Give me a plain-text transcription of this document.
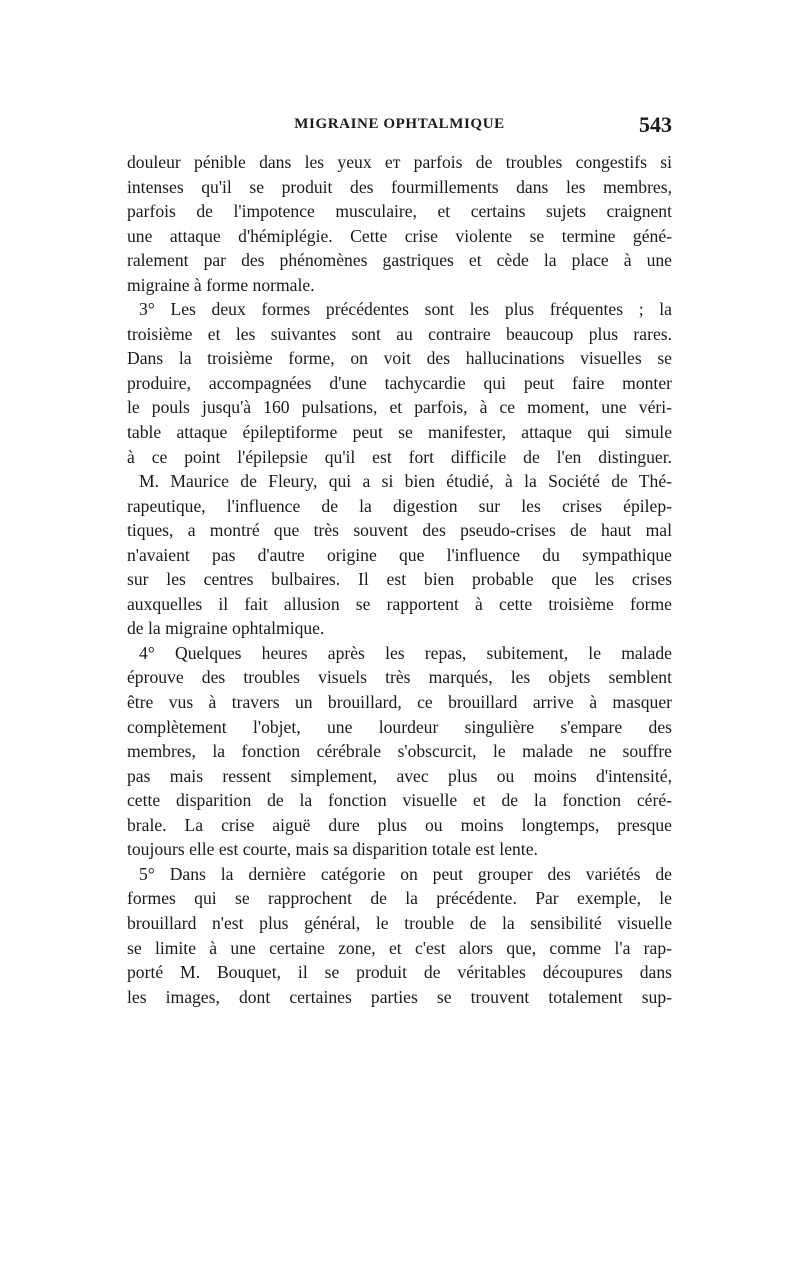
MIGRAINE OPHTALMIQUE	543
douleur pénible dans les yeux eᴛ parfois de troubles congestifs si
intenses qu'il se produit des fourmillements dans les membres,
parfois de l'impotence musculaire, et certains sujets craignent
une attaque d'hémiplégie. Cette crise violente se termine géné-
ralement par des phénomènes gastriques et cède la place à une
migraine à forme normale.
3° Les deux formes précédentes sont les plus fréquentes ; la
troisième et les suivantes sont au contraire beaucoup plus rares.
Dans la troisième forme, on voit des hallucinations visuelles se
produire, accompagnées d'une tachycardie qui peut faire monter
le pouls jusqu'à 160 pulsations, et parfois, à ce moment, une véri-
table attaque épileptiforme peut se manifester, attaque qui simule
à ce point l'épilepsie qu'il est fort difficile de l'en distinguer.
M. Maurice de Fleury, qui a si bien étudié, à la Société de Thé-
rapeutique, l'influence de la digestion sur les crises épilep-
tiques, a montré que très souvent des pseudo-crises de haut mal
n'avaient pas d'autre origine que l'influence du sympathique
sur les centres bulbaires. Il est bien probable que les crises
auxquelles il fait allusion se rapportent à cette troisième forme
de la migraine ophtalmique.
4° Quelques heures après les repas, subitement, le malade
éprouve des troubles visuels très marqués, les objets semblent
être vus à travers un brouillard, ce brouillard arrive à masquer
complètement l'objet, une lourdeur singulière s'empare des
membres, la fonction cérébrale s'obscurcit, le malade ne souffre
pas mais ressent simplement, avec plus ou moins d'intensité,
cette disparition de la fonction visuelle et de la fonction céré-
brale. La crise aiguë dure plus ou moins longtemps, presque
toujours elle est courte, mais sa disparition totale est lente.
5° Dans la dernière catégorie on peut grouper des variétés de
formes qui se rapprochent de la précédente. Par exemple, le
brouillard n'est plus général, le trouble de la sensibilité visuelle
se limite à une certaine zone, et c'est alors que, comme l'a rap-
porté M. Bouquet, il se produit de véritables découpures dans
les images, dont certaines parties se trouvent totalement sup-
